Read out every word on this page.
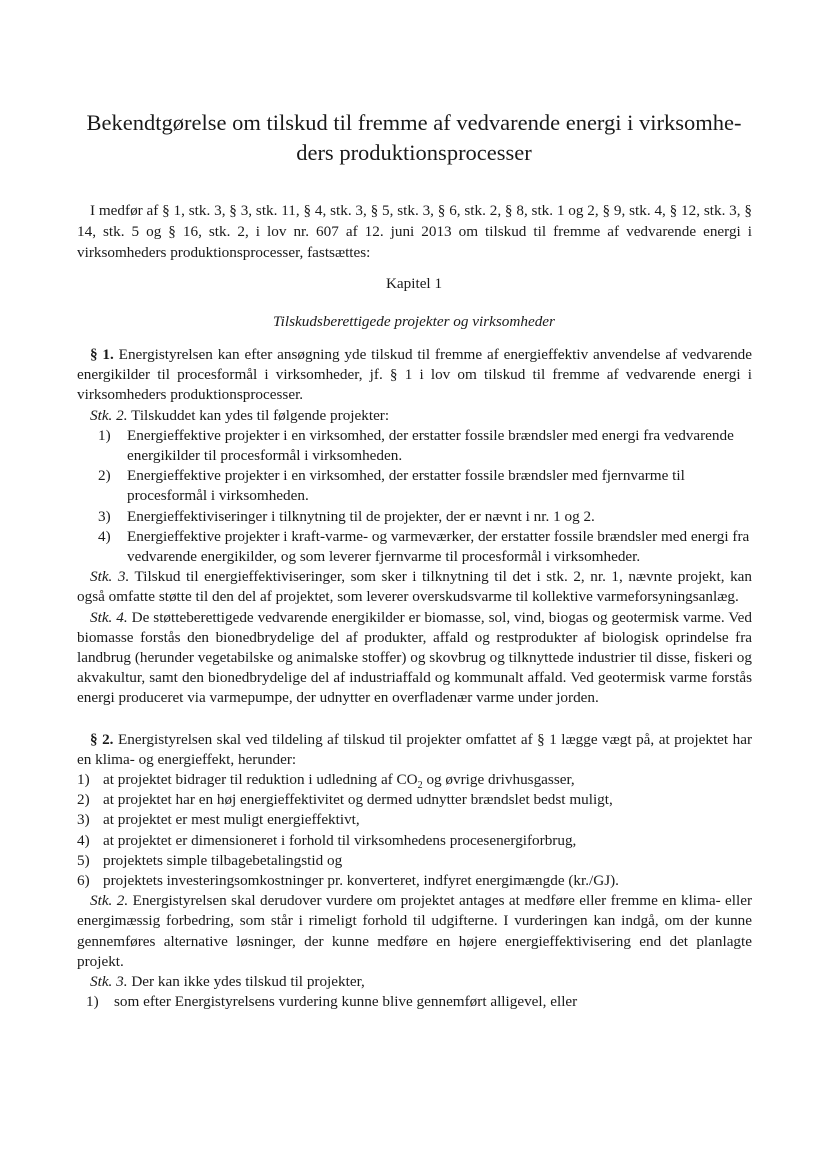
Bekendtgørelse om tilskud til fremme af vedvarende energi i virksomhe-
ders produktionsprocesser

I medfør af § 1, stk. 3, § 3, stk. 11, § 4, stk. 3, § 5, stk. 3, § 6, stk. 2, § 8, stk. 1 og 2, § 9, stk. 4, § 12, stk. 3, § 14, stk. 5 og § 16, stk. 2, i lov nr. 607 af 12. juni 2013 om tilskud til fremme af vedvarende energi i virksomheders produktionsprocesser, fastsættes:

Kapitel 1

Tilskudsberettigede projekter og virksomheder

§ 1. Energistyrelsen kan efter ansøgning yde tilskud til fremme af energieffektiv anvendelse af vedvarende energikilder til procesformål i virksomheder, jf. § 1 i lov om tilskud til fremme af vedvarende energi i virksomheders produktionsprocesser.

Stk. 2. Tilskuddet kan ydes til følgende projekter:

1) Energieffektive projekter i en virksomhed, der erstatter fossile brændsler med energi fra vedvarende energikilder til procesformål i virksomheden.
2) Energieffektive projekter i en virksomhed, der erstatter fossile brændsler med fjernvarme til procesformål i virksomheden.
3) Energieffektiviseringer i tilknytning til de projekter, der er nævnt i nr. 1 og 2.
4) Energieffektive projekter i kraft-varme- og varmeværker, der erstatter fossile brændsler med energi fra vedvarende energikilder, og som leverer fjernvarme til procesformål i virksomheder.

Stk. 3. Tilskud til energieffektiviseringer, som sker i tilknytning til det i stk. 2, nr. 1, nævnte projekt, kan også omfatte støtte til den del af projektet, som leverer overskudsvarme til kollektive varmeforsyningsanlæg.

Stk. 4. De støtteberettigede vedvarende energikilder er biomasse, sol, vind, biogas og geotermisk varme. Ved biomasse forstås den bionedbrydelige del af produkter, affald og restprodukter af biologisk oprindelse fra landbrug (herunder vegetabilske og animalske stoffer) og skovbrug og tilknyttede industrier til disse, fiskeri og akvakultur, samt den bionedbrydelige del af industriaffald og kommunalt affald. Ved geotermisk varme forstås energi produceret via varmepumpe, der udnytter en overfladenær varme under jorden.

§ 2. Energistyrelsen skal ved tildeling af tilskud til projekter omfattet af § 1 lægge vægt på, at projektet har en klima- og energieffekt, herunder:

1) at projektet bidrager til reduktion i udledning af $CO_2$ og øvrige drivhusgasser,
2) at projektet har en høj energieffektivitet og dermed udnytter brændslet bedst muligt,
3) at projektet er mest muligt energieffektivt,
4) at projektet er dimensioneret i forhold til virksomhedens procesenergiforbrug,
5) projektets simple tilbagebetalingstid og
6) projektets investeringsomkostninger pr. konverteret, indfyret energimængde (kr./GJ).

Stk. 2. Energistyrelsen skal derudover vurdere om projektet antages at medføre eller fremme en klima- eller energimæssig forbedring, som står i rimeligt forhold til udgifterne. I vurderingen kan indgå, om der kunne gennemføres alternative løsninger, der kunne medføre en højere energieffektivisering end det planlagte projekt.

Stk. 3. Der kan ikke ydes tilskud til projekter,

1) som efter Energistyrelsens vurdering kunne blive gennemført alligevel, eller
